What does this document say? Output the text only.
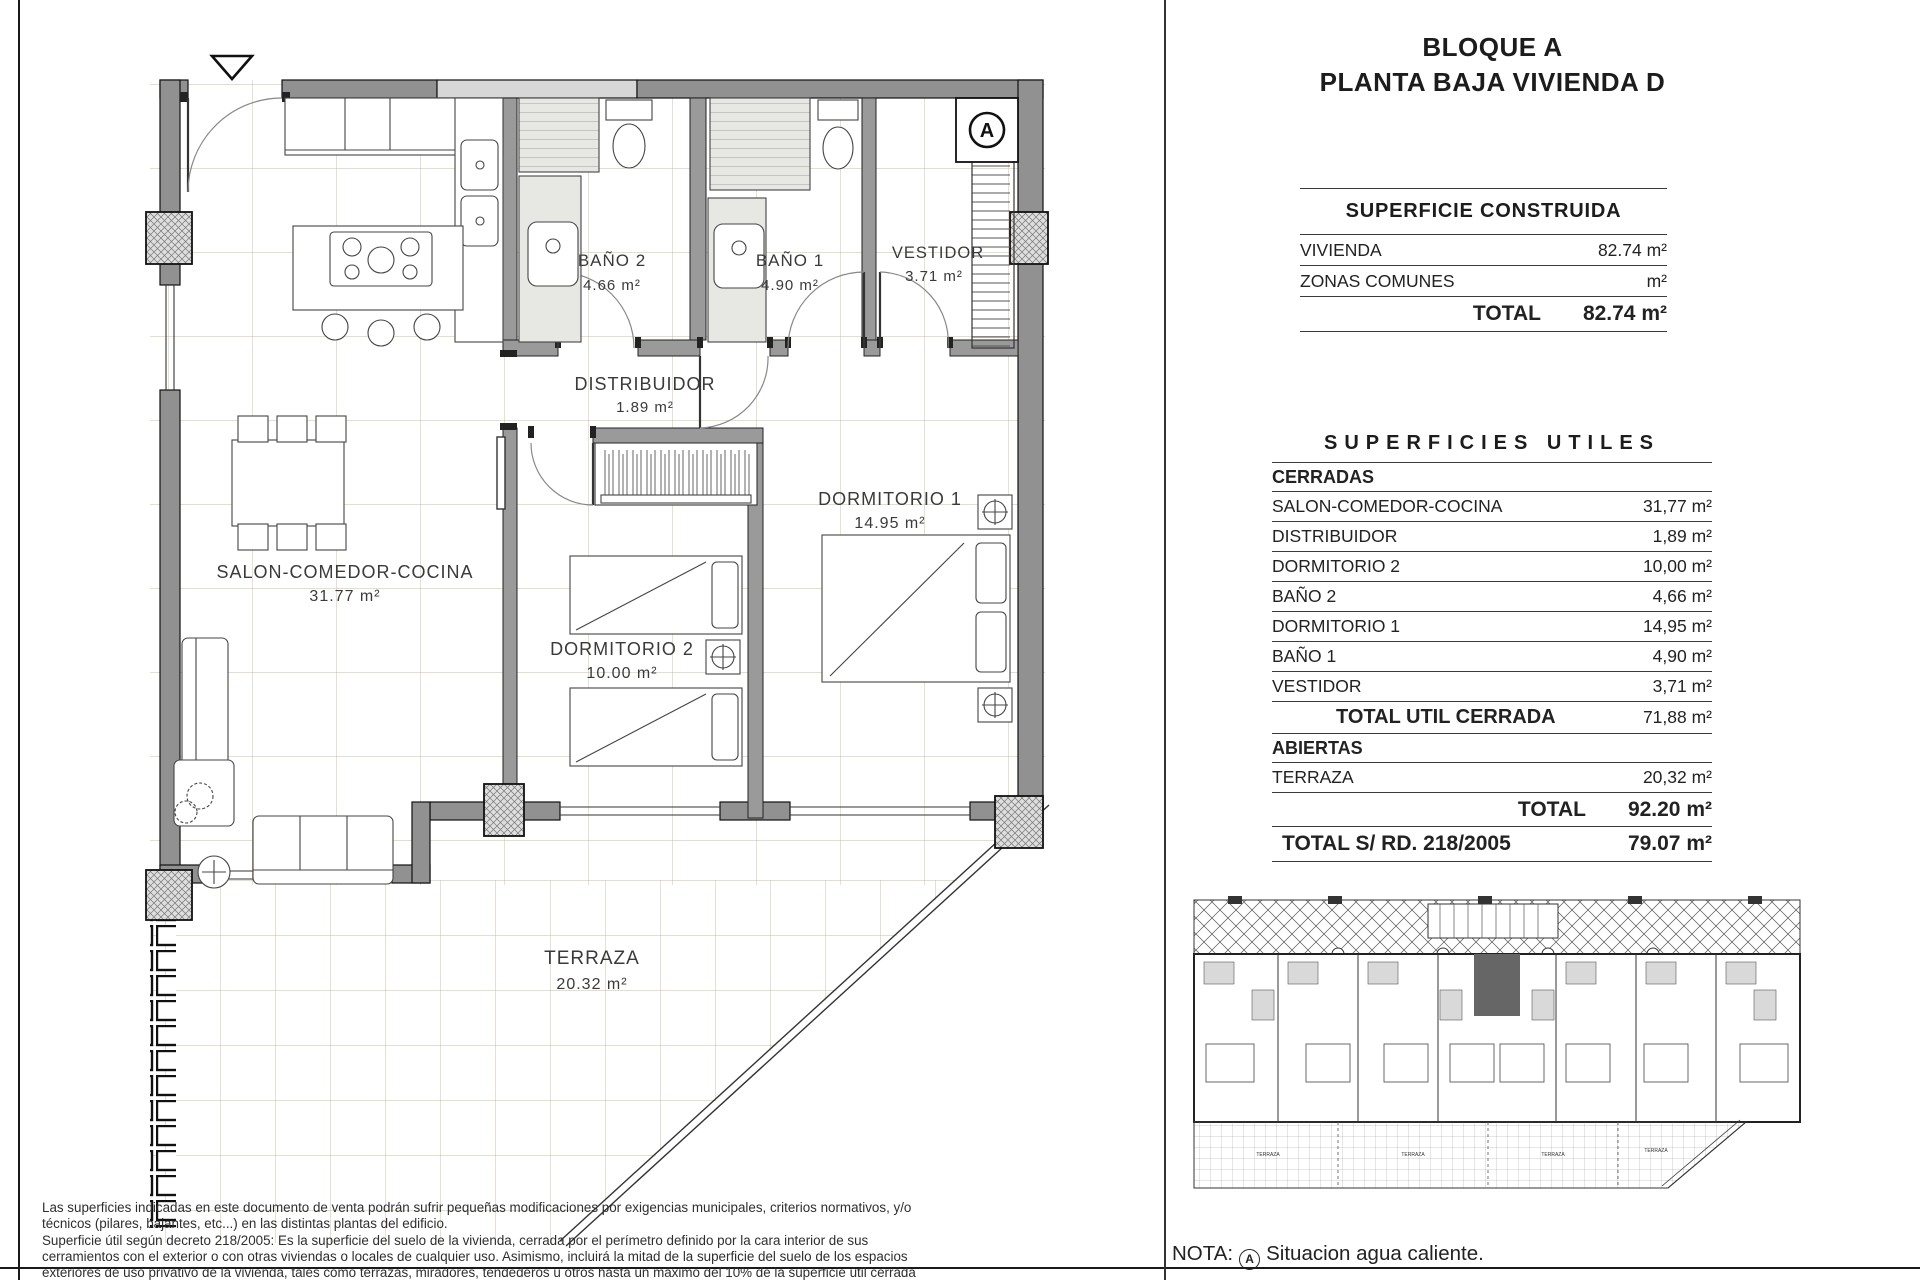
A
SALON-COMEDOR-COCINA
31.77 m²
DISTRIBUIDOR
1.89 m²
BAÑO 2
4.66 m²
BAÑO 1
4.90 m²
VESTIDOR
3.71 m²
DORMITORIO 1
14.95 m²
DORMITORIO 2
10.00 m²
TERRAZA
20.32 m²
BLOQUE A
PLANTA BAJA VIVIENDA D
SUPERFICIE CONSTRUIDA
VIVIENDA	82.74 m²
ZONAS COMUNES	m²
TOTAL	82.74 m²
SUPERFICIES UTILES
CERRADAS
SALON-COMEDOR-COCINA	31,77 m²
DISTRIBUIDOR	1,89 m²
DORMITORIO 2	10,00 m²
BAÑO 2	4,66 m²
DORMITORIO 1	14,95 m²
BAÑO 1	4,90 m²
VESTIDOR	3,71 m²
TOTAL UTIL CERRADA	71,88 m²
ABIERTAS
TERRAZA	20,32 m²
TOTAL	92.20 m²
TOTAL S/ RD. 218/2005	79.07 m²
TERRAZA	TERRAZA	TERRAZA
TERRAZA
NOTA: A Situacion agua caliente.
Las superficies indicadas en este documento de venta podrán sufrir pequeñas modificaciones por exigencias municipales, criterios normativos, y/o
técnicos (pilares, bajantes, etc...) en las distintas plantas del edificio.
Superficie útil según decreto 218/2005: Es la superficie del suelo de la vivienda, cerrada por el perímetro definido por la cara interior de sus
cerramientos con el exterior o con otras viviendas o locales de cualquier uso. Asimismo, incluirá la mitad de la superficie del suelo de los espacios
exteriores de uso privativo de la vivienda, tales como terrazas, miradores, tendederos u otros hasta un máximo del 10% de la superficie útil cerrada
